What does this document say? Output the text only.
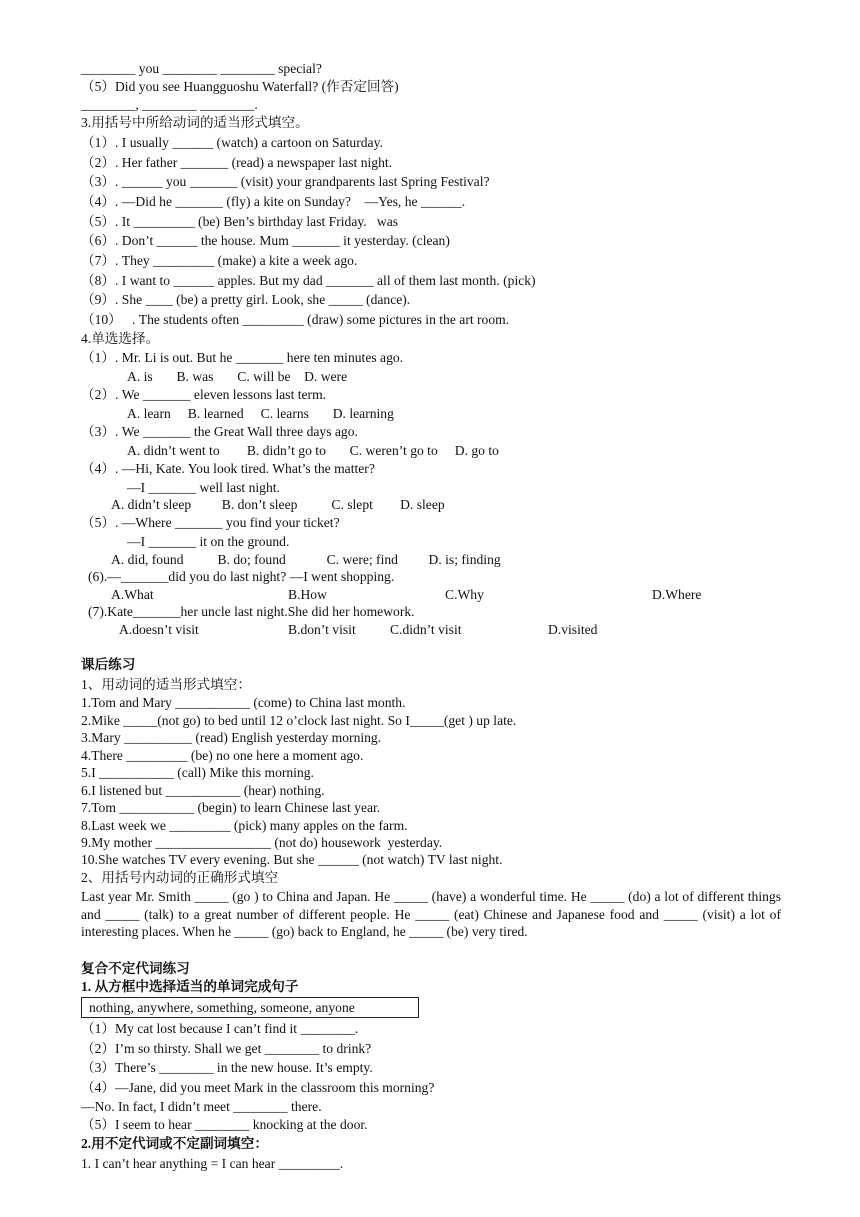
________ you ________ ________ special?
（5）Did you see Huangguoshu Waterfall? (作否定回答)
________, ________ ________.
3.用括号中所给动词的适当形式填空。
（1）. I usually ______ (watch) a cartoon on Saturday.
（2）. Her father _______ (read) a newspaper last night.
（3）. ______ you _______ (visit) your grandparents last Spring Festival?
（4）. —Did he _______ (fly) a kite on Sunday?    —Yes, he ______.
（5）. It _________ (be) Ben’s birthday last Friday.   was
（6）. Don’t ______ the house. Mum _______ it yesterday. (clean)
（7）. They _________ (make) a kite a week ago.
（8）. I want to ______ apples. But my dad _______ all of them last month. (pick)
（9）. She ____ (be) a pretty girl. Look, she _____ (dance).
（10）   . The students often _________ (draw) some pictures in the art room.
4.单选选择。
（1）. Mr. Li is out. But he _______ here ten minutes ago.
A. is       B. was       C. will be    D. were
（2）. We _______ eleven lessons last term.
A. learn     B. learned     C. learns       D. learning
（3）. We _______ the Great Wall three days ago.
A. didn’t went to        B. didn’t go to       C. weren’t go to     D. go to
（4）. —Hi, Kate. You look tired. What’s the matter?
—I _______ well last night.
A. didn’t sleep         B. don’t sleep          C. slept        D. sleep
（5）. —Where _______ you find your ticket?
—I _______ it on the ground.
A. did, found          B. do; found            C. were; find         D. is; finding
(6).—_______did you do last night? —I went shopping.
A.What	B.How	C.Why	D.Where
(7).Kate_______her uncle last night.She did her homework.
A.doesn’t visit	B.don’t visit	C.didn’t visit	D.visited
课后练习
1、用动词的适当形式填空：
1.Tom and Mary ___________ (come) to China last month.
2.Mike _____(not go) to bed until 12 o’clock last night. So I_____(get ) up late.
3.Mary __________ (read) English yesterday morning.
4.There _________ (be) no one here a moment ago.
5.I ___________ (call) Mike this morning.
6.I listened but ___________ (hear) nothing.
7.Tom ___________ (begin) to learn Chinese last year.
8.Last week we _________ (pick) many apples on the farm.
9.My mother _________________ (not do) housework  yesterday.
10.She watches TV every evening. But she ______ (not watch) TV last night.
2、用括号内动词的正确形式填空
Last year Mr. Smith _____ (go ) to China and Japan. He _____ (have) a wonderful time. He _____ (do) a lot of different things and _____ (talk) to a great number of different people. He _____ (eat) Chinese and Japanese food and _____ (visit) a lot of interesting places. When he _____ (go) back to England, he _____ (be) very tired.
复合不定代词练习
1. 从方框中选择适当的单词完成句子
nothing, anywhere, something, someone, anyone
（1）My cat lost because I can’t find it ________.
（2）I’m so thirsty. Shall we get ________ to drink?
（3）There’s ________ in the new house. It’s empty.
（4）—Jane, did you meet Mark in the classroom this morning?
—No. In fact, I didn’t meet ________ there.
（5）I seem to hear ________ knocking at the door.
2.用不定代词或不定副词填空：
1. I can’t hear anything = I can hear _________.
